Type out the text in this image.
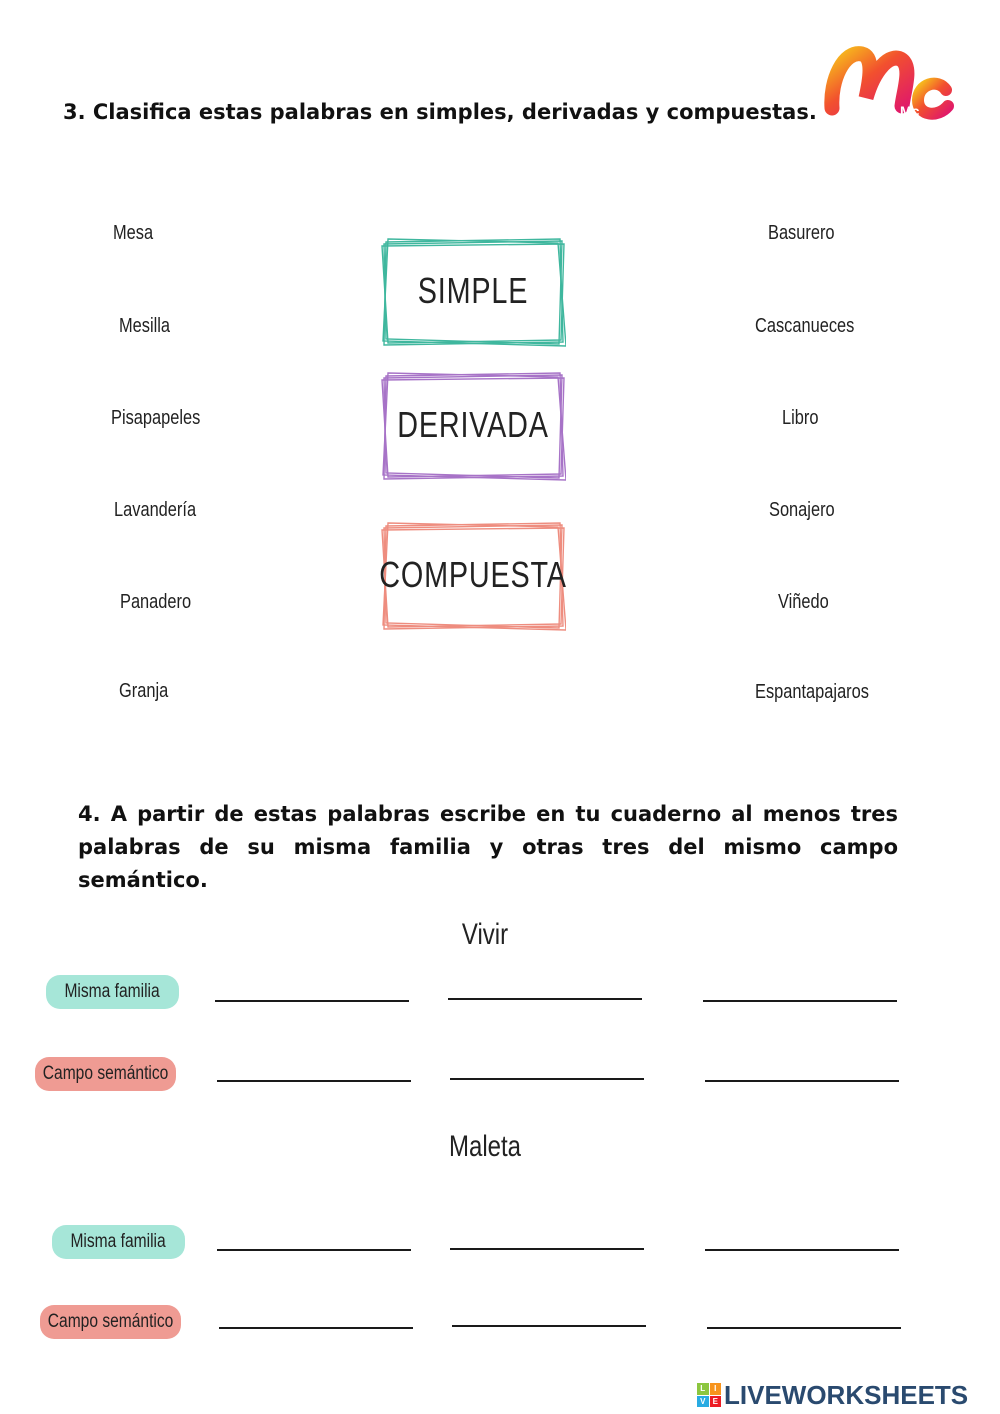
Mc
3. Clasifica estas palabras en simples, derivadas y compuestas.
Mesa
Mesilla
Pisapapeles
Lavandería
Panadero
Granja
Basurero
Cascanueces
Libro
Sonajero
Viñedo
Espantapajaros
SIMPLE
DERIVADA
COMPUESTA
4. A partir de estas palabras escribe en tu cuaderno al menos tres palabras de su misma familia y otras tres del mismo campo semántico.
Vivir
Misma familia
Campo semántico
Maleta
Misma familia
Campo semántico
L	I
V E LIVEWORKSHEETS
